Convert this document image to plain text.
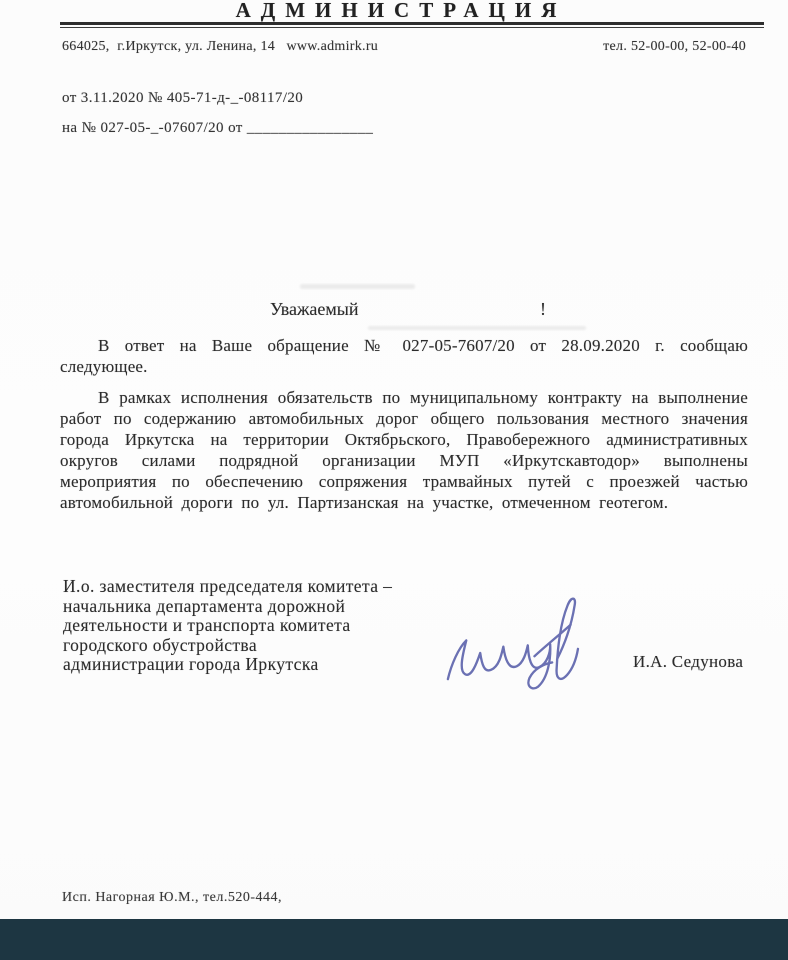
АДМИНИСТРАЦИЯ
664025,  г.Иркутск, ул. Ленина, 14   www.admirk.ru	тел. 52-00-00, 52-00-40
от 3.11.2020 № 405-71-д-_-08117/20
на № 027-05-_-07607/20 от ________________
Уважаемый	!
В ответ на Ваше обращение № 027-05-7607/20 от 28.09.2020 г. сообщаю следующее.
В рамках исполнения обязательств по муниципальному контракту на выполнение работ по содержанию автомобильных дорог общего пользования местного значения города Иркутска на территории Октябрьского, Правобережного административных округов силами подрядной организации МУП «Иркутскавтодор» выполнены мероприятия по обеспечению сопряжения трамвайных путей с проезжей частью автомобильной дороги по ул. Партизанская на участке, отмеченном геотегом.
И.о. заместителя председателя комитета –
начальника департамента дорожной
деятельности и транспорта комитета
городского обустройства
администрации города Иркутска	И.А. Седунова
Исп. Нагорная Ю.М., тел.520-444,
